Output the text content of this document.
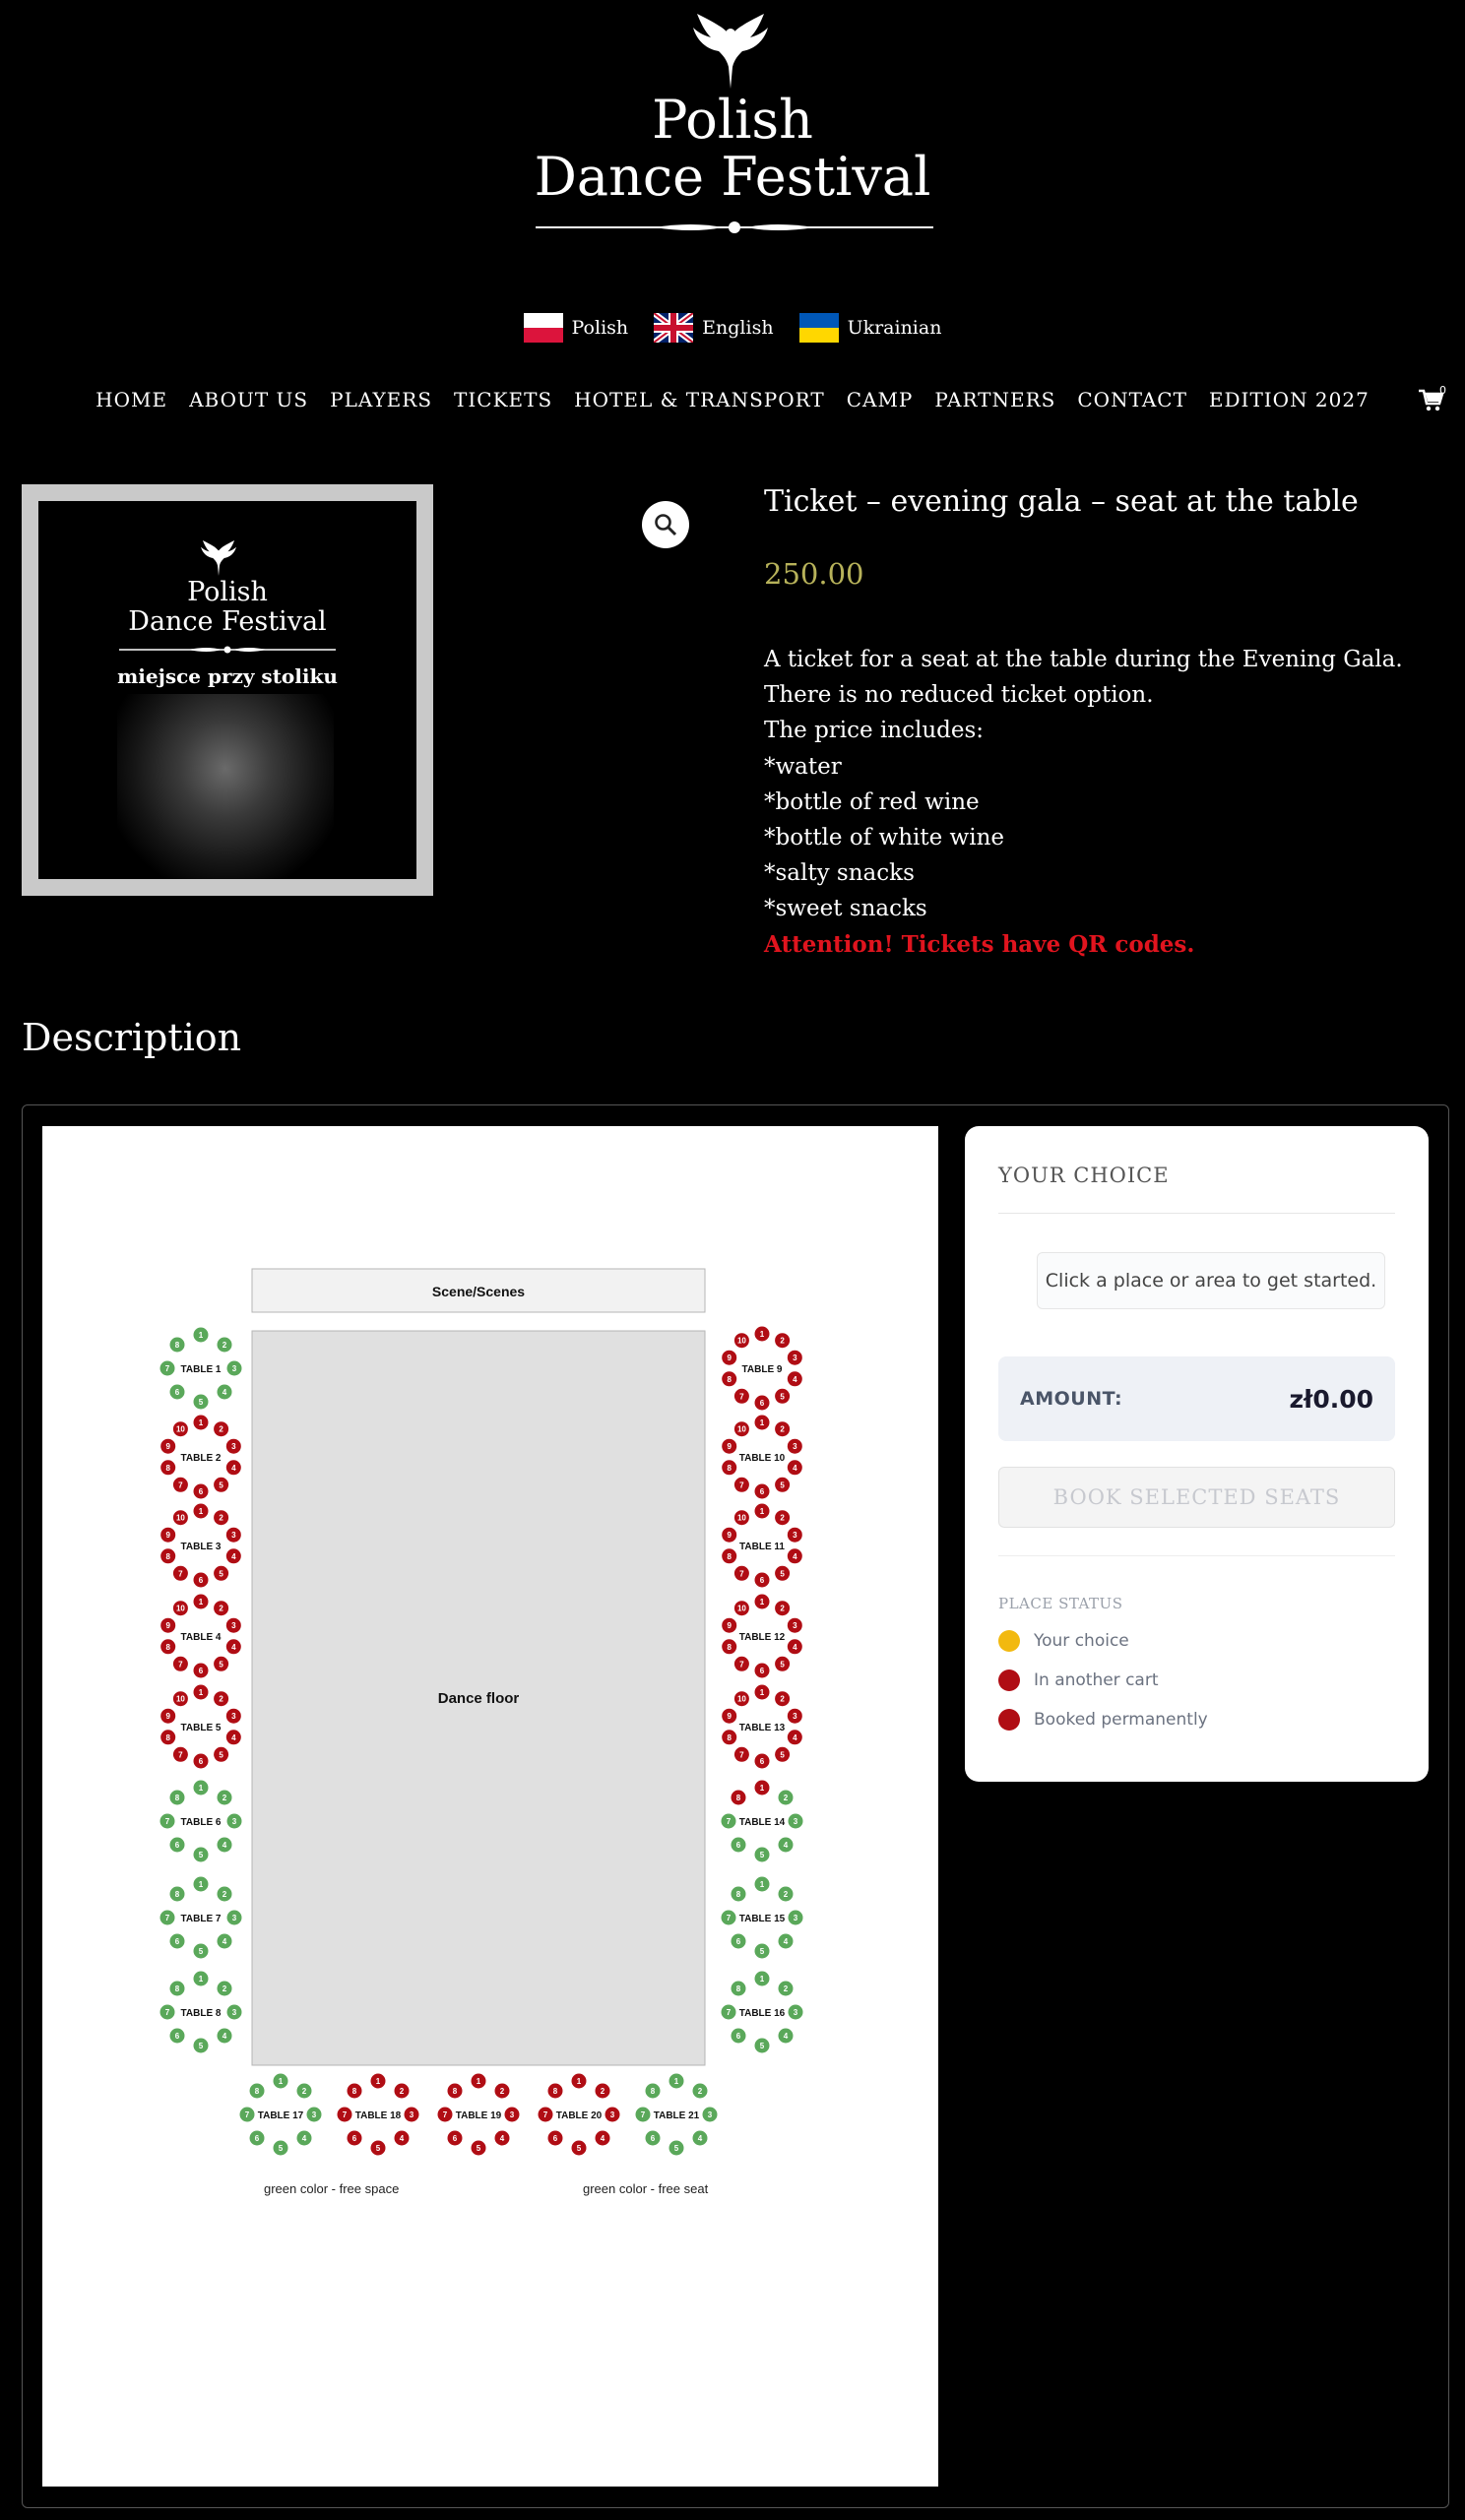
Polish
Dance Festival
Polish	English	Ukrainian
HOME ABOUT US PLAYERS TICKETS HOTEL & TRANSPORT CAMP PARTNERS CONTACT EDITION 2027	0
Polish
Dance Festival
miejsce przy stoliku
Ticket – evening gala – seat at the table
250.00
A ticket for a seat at the table during the Evening Gala. There is no reduced ticket option.
The price includes:
*water
*bottle of red wine
*bottle of white wine
*salty snacks
*sweet snacks
Attention! Tickets have QR codes.
Description
Scene/Scenes
Dance floor
1
2
3
4
5
6
7
8
TABLE 1
1
2
3
4
5
6
7
8
9
10
TABLE 2
1
2
3
4
5
6
7
8
9
10
TABLE 3
1
2
3
4
5
6
7
8
9
10
TABLE 4
1
2
3
4
5
6
7
8
9
10
TABLE 5
1
2
3
4
5
6
7
8
TABLE 6
1
2
3
4
5
6
7
8
TABLE 7
1
2
3
4
5
6
7
8
TABLE 8
1
2
3
4
5
6
7
8
9
10
TABLE 9
1
2
3
4
5
6
7
8
9
10
TABLE 10
1
2
3
4
5
6
7
8
9
10
TABLE 11
1
2
3
4
5
6
7
8
9
10
TABLE 12
1
2
3
4
5
6
7
8
9
10
TABLE 13
1
2
3
4
5
6
7
8
TABLE 14
1
2
3
4
5
6
7
8
TABLE 15
1
2
3
4
5
6
7
8
TABLE 16
1
2
3
4
5
6
7
8
TABLE 17
1
2
3
4
5
6
7
8
TABLE 18
1
2
3
4
5
6
7
8
TABLE 19
1
2
3
4
5
6
7
8
TABLE 20
1
2
3
4
5
6
7
8
TABLE 21
green color - free space	green color - free seat
YOUR CHOICE
Click a place or area to get started.
AMOUNT:	zł0.00
BOOK SELECTED SEATS
PLACE STATUS
Your choice
In another cart
Booked permanently
